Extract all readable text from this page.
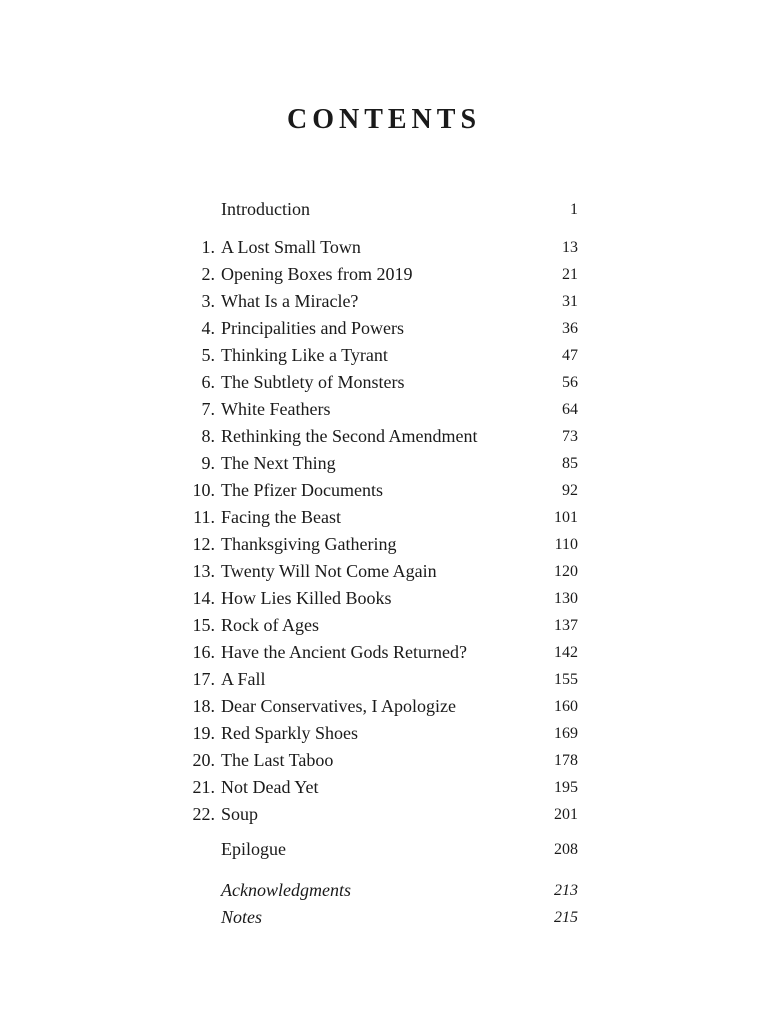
CONTENTS
Introduction	1
1. A Lost Small Town	13
2. Opening Boxes from 2019	21
3. What Is a Miracle?	31
4. Principalities and Powers	36
5. Thinking Like a Tyrant	47
6. The Subtlety of Monsters	56
7. White Feathers	64
8. Rethinking the Second Amendment	73
9. The Next Thing	85
10. The Pfizer Documents	92
11. Facing the Beast	101
12. Thanksgiving Gathering	110
13. Twenty Will Not Come Again	120
14. How Lies Killed Books	130
15. Rock of Ages	137
16. Have the Ancient Gods Returned?	142
17. A Fall	155
18. Dear Conservatives, I Apologize	160
19. Red Sparkly Shoes	169
20. The Last Taboo	178
21. Not Dead Yet	195
22. Soup	201
Epilogue	208
Acknowledgments	213
Notes	215
